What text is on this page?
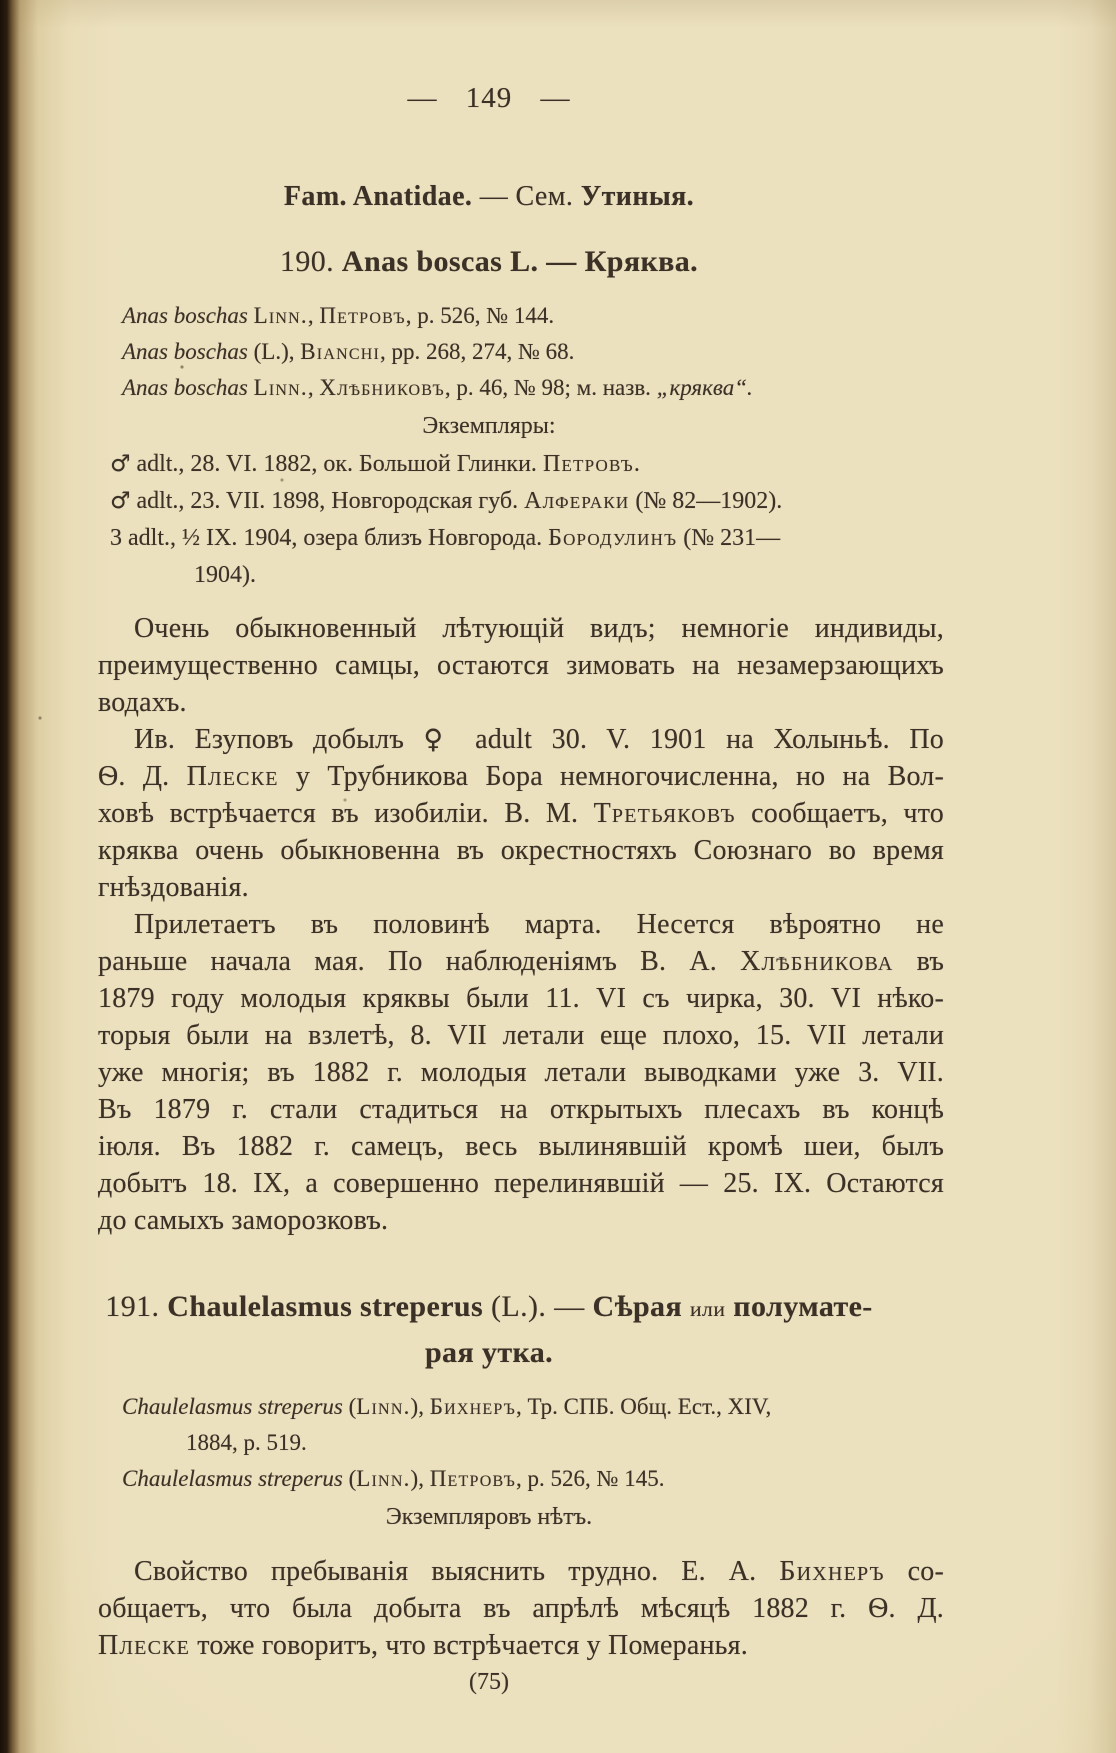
— 149 —
Fam. Anatidae. — Сем. Утиныя.
190. Anas boscas L. — Кряква.
Anas boschas Linn., Петровъ, p. 526, № 144.
Anas boschas (L.), Bianchi, pp. 268, 274, № 68.
Anas boschas Linn., Хлѣбниковъ, p. 46, № 98; м. назв. „кряква“.
Экземпляры:
♂ adlt., 28. VI. 1882, ок. Большой Глинки. Петровъ.
♂ adlt., 23. VII. 1898, Новгородская губ. Алфераки (№ 82—1902).
3 adlt., ½ IX. 1904, озера близъ Новгорода. Бородулинъ (№ 231—
1904).
Очень обыкновенный лѣтующій видъ; немногіе индивиды,
преимущественно самцы, остаются зимовать на незамерзающихъ
водахъ.
Ив. Езуповъ добылъ ♀ adult 30. V. 1901 на Холыньѣ. По
Ѳ. Д. Плеске у Трубникова Бора немногочисленна, но на Вол-
ховѣ встрѣчается въ изобиліи. В. М. Третьяковъ сообщаетъ, что
кряква очень обыкновенна въ окрестностяхъ Союзнаго во время
гнѣздованія.
Прилетаетъ въ половинѣ марта. Несется вѣроятно не
раньше начала мая. По наблюденіямъ В. А. Хлѣбникова въ
1879 году молодыя кряквы были 11. VI съ чирка, 30. VI нѣко-
торыя были на взлетѣ, 8. VII летали еще плохо, 15. VII летали
уже многія; въ 1882 г. молодыя летали выводками уже 3. VII.
Въ 1879 г. стали стадиться на открытыхъ плесахъ въ концѣ
іюля. Въ 1882 г. самецъ, весь вылинявшій кромѣ шеи, былъ
добытъ 18. IX, а совершенно перелинявшій — 25. IX. Остаются
до самыхъ заморозковъ.
191. Chaulelasmus streperus (L.). — Сѣрая или полумате-
рая утка.
Chaulelasmus streperus (Linn.), Бихнеръ, Тр. СПБ. Общ. Ест., XIV,
1884, p. 519.
Chaulelasmus streperus (Linn.), Петровъ, p. 526, № 145.
Экземпляровъ нѣтъ.
Свойство пребыванія выяснить трудно. Е. А. Бихнеръ со-
общаетъ, что была добыта въ апрѣлѣ мѣсяцѣ 1882 г. Ѳ. Д.
Плеске тоже говоритъ, что встрѣчается у Померанья.
(75)
